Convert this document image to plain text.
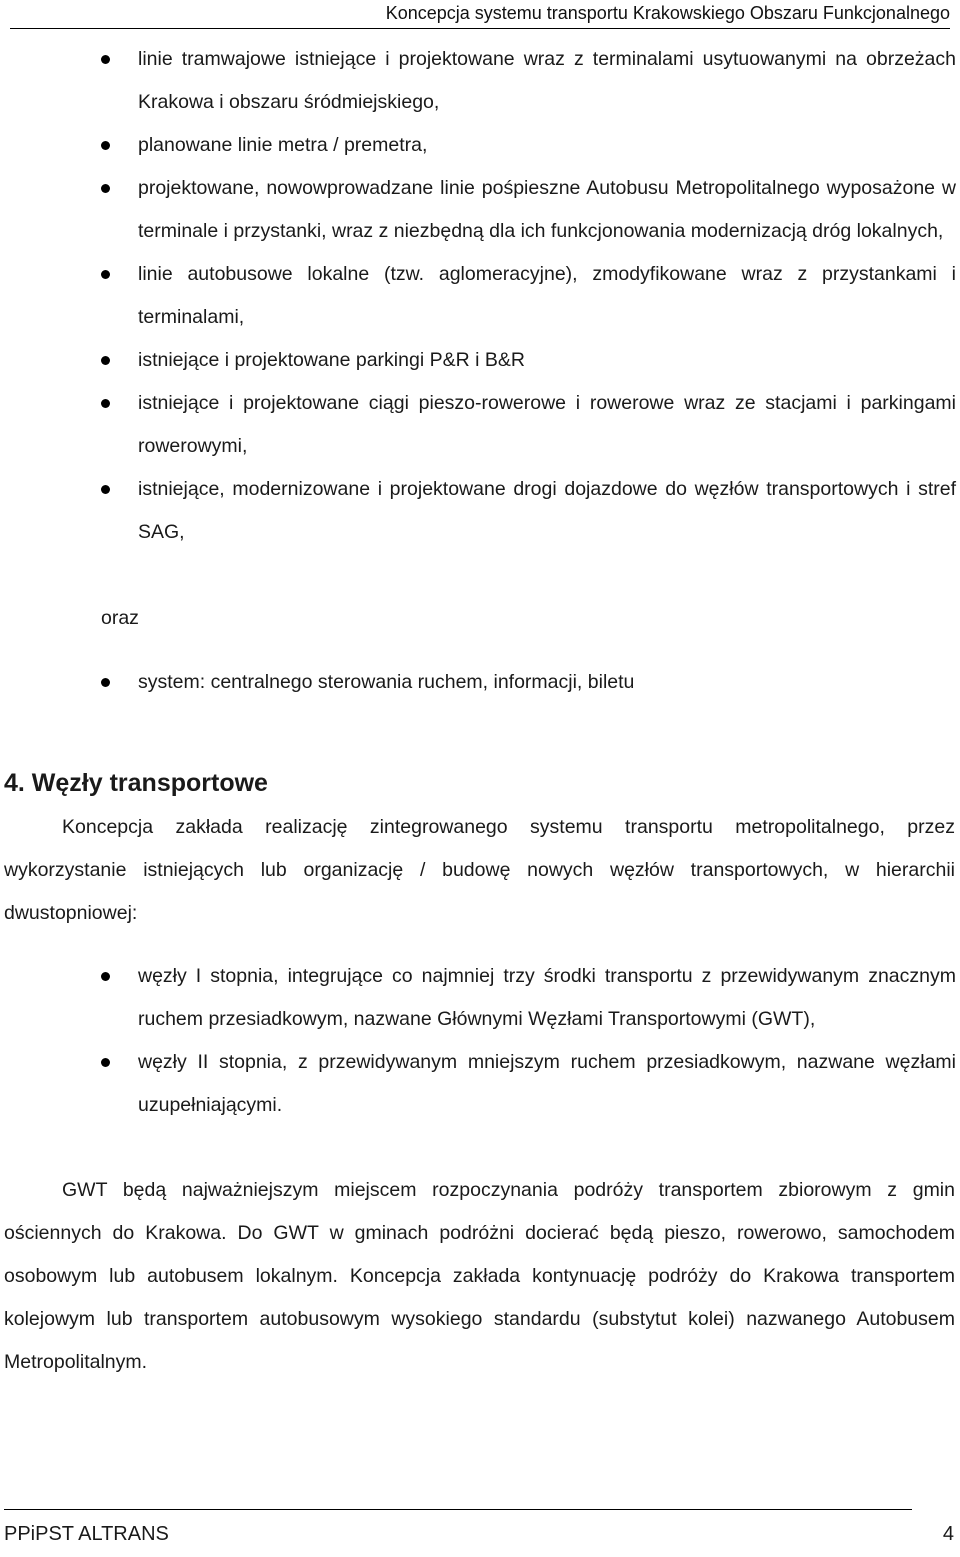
Koncepcja systemu transportu Krakowskiego Obszaru Funkcjonalnego
linie tramwajowe istniejące i projektowane wraz z terminalami usytuowanymi na obrzeżach Krakowa i obszaru śródmiejskiego,
planowane linie metra / premetra,
projektowane, nowowprowadzane linie pośpieszne Autobusu Metropolitalnego wyposażone w terminale i przystanki, wraz z niezbędną dla ich funkcjonowania modernizacją dróg lokalnych,
linie autobusowe lokalne (tzw. aglomeracyjne), zmodyfikowane wraz z przystankami i terminalami,
istniejące i projektowane parkingi P&R i B&R
istniejące i projektowane ciągi pieszo-rowerowe i rowerowe wraz ze stacjami i parkingami rowerowymi,
istniejące, modernizowane i projektowane drogi dojazdowe do węzłów transportowych i stref SAG,
oraz
system: centralnego sterowania ruchem, informacji, biletu
4. Węzły transportowe
Koncepcja zakłada realizację zintegrowanego systemu transportu metropolitalnego, przez wykorzystanie istniejących lub organizację / budowę nowych węzłów transportowych, w hierarchii dwustopniowej:
węzły I stopnia, integrujące co najmniej trzy środki transportu z przewidywanym znacznym ruchem przesiadkowym, nazwane Głównymi Węzłami Transportowymi (GWT),
węzły II stopnia, z przewidywanym mniejszym ruchem przesiadkowym, nazwane węzłami uzupełniającymi.
GWT będą najważniejszym miejscem rozpoczynania podróży transportem zbiorowym z gmin ościennych do Krakowa. Do GWT w gminach podróżni docierać będą pieszo, rowerowo, samochodem osobowym lub autobusem lokalnym. Koncepcja zakłada kontynuację podróży do Krakowa transportem kolejowym lub transportem autobusowym wysokiego standardu (substytut kolei) nazwanego Autobusem Metropolitalnym.
PPiPST ALTRANS	4
